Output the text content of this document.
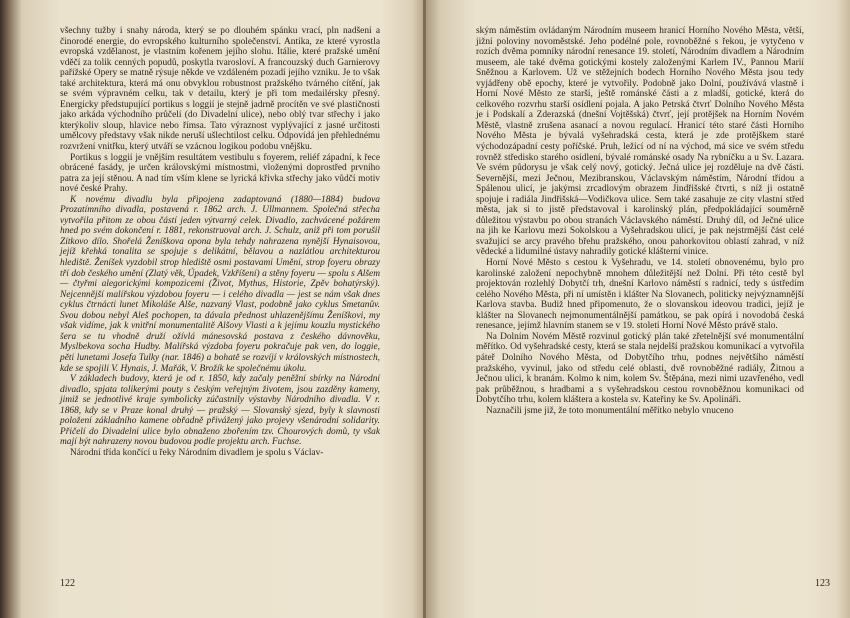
všechny tužby i snahy národa, který se po dlouhém spánku vrací, pln nadšení a činorodé energie, do evropského kulturního společenství. Antika, ze které vyrostla evropská vzdělanost, je vlastním kořenem jejího slohu. Itálie, které pražské umění vděčí za tolik cenných popudů, poskytla tvarosloví. A francouzský duch Garnierovy pařížské Opery se matně rýsuje někde ve vzdáleném pozadí jejího vzniku. Je to však také architektura, která má onu obvyklou robustnost pražského tvárného cítění, jak se svém výpravném celku, tak v detailu, který je při tom medailérsky přesný. Energicky předstupující portikus s loggií je stejně jadrně procítěn ve své plastičnosti jako arkáda východního průčelí (do Divadelní ulice), nebo oblý tvar střechy i jako kterýkoliv sloup, hlavice nebo římsa. Tato výraznost vyplývající z jasné určitosti umělcovy představy však nikde neruší ušlechtilost celku. Odpovídá jen přehlednému rozvržení vnitřku, který utváří se vzácnou logikou podobu vnějšku.

Portikus s loggií je vnějším resultátem vestibulu s foyerem, reliéf západní, k řece obrácené fasády, je určen královskými místnostmi, vloženými doprostřed prvního patra za její stěnou. A nad tím vším klene se lyrická křivka střechy jako vůdčí motiv nové české Prahy.

K novému divadlu byla připojena zadaptovaná (1880—1884) budova Prozatímního divadla, postavená r. 1862 arch. J. Ullmannem. Společná střecha vytvořila přitom ze obou částí jeden výtvarný celek. Divadlo, zachvácené požárem hned po svém dokončení r. 1881, rekonstruoval arch. J. Schulz, aniž při tom porušil Zítkovo dílo. Shořelá Ženíškova opona byla tehdy nahrazena nynější Hynaisovou, jejíž křehká tonalita se spojuje s delikátní, bělavou a nazlátlou architekturou hlediště. Ženíšek vyzdobil strop hlediště osmi postavami Umění, strop foyeru obrazy tří dob českého umění (Zlatý věk, Úpadek, Vzkříšení) a stěny foyeru — spolu s Alšem — čtyřmi alegorickými kompozicemi (Život, Mythus, Historie, Zpěv bohatýrský). Nejcennější malířskou výzdobou foyeru — i celého divadla — jest se nám však dnes cyklus čtrnácti lunet Mikoláše Alše, nazvaný Vlast, podobně jako cyklus Smetanův. Svou dobou nebyl Aleš pochopen, ta dávala přednost uhlazenějšímu Ženíškovi, my však vidíme, jak k vnitřní monumentalitě Alšovy Vlasti a k jejímu kouzlu mystického šera se tu vhodně druží ožívlá mánesovská postava z českého dávnověku, Myslbekova socha Hudby. Malířská výzdoba foyeru pokračuje pak ven, do loggie, pěti lunetami Josefa Tulky (nar. 1846) a bohatě se rozvíjí v královských místnostech, kde se spojili V. Hynais, J. Mařák, V. Brožík ke společnému úkolu.

V základech budovy, která je od r. 1850, kdy začaly peněžní sbírky na Národní divadlo, spjata tolikerými pouty s českým veřejným životem, jsou zazděny kameny, jimiž se jednotlivé kraje symbolicky zúčastnily výstavby Národního divadla. V r. 1868, kdy se v Praze konal druhý — pražský — Slovanský sjezd, byly k slavnosti položení základního kamene obřadně přivážený jako projevy všenárodní solidarity. Přičelí do Divadelní ulice bylo obnaženo zbořením tzv. Chourových domů, ty však mají být nahrazeny novou budovou podle projektu arch. Fuchse.

Národní třída končící u řeky Národním divadlem je spolu s Václav-

122

ským náměstím ovládaným Národním museem hranicí Horního Nového Města, větší, jižní poloviny novoměstské. Jeho podélné pole, rovnoběžné s řekou, je vytyčeno v rozích dvěma pomníky národní renesance 19. století, Národním divadlem a Národním museem, ale také dvěma gotickými kostely založenými Karlem IV., Pannou Marií Sněžnou a Karlovem. Už ve stěžejních bodech Horního Nového Města jsou tedy vyjádřeny obě epochy, které je vytvořily. Podobně jako Dolní, používává vlastně i Horní Nové Město ze starší, ještě románské části a z mladší, gotické, která do celkového rozvrhu starší osídlení pojala. A jako Petrská čtvrť Dolního Nového Města je i Podskalí a Zderazská (dnešní Vojtěšská) čtvrť, její protějšek na Horním Novém Městě, vlastně zrušena asanací a novou regulací. Hranicí této staré části Horního Nového Města je bývalá vyšehradská cesta, která je zde protějškem staré východozápadní cesty poříčské. Pruh, ležící od ní na východ, má sice ve svém středu rovněž středisko starého osídlení, bývalé románské osady Na rybníčku a u Sv. Lazara. Ve svém půdorysu je však celý nový, gotický. Ječná ulice jej rozděluje na dvě části. Severnější, mezi Ječnou, Mezibranskou, Václavským náměstím, Národní třídou a Spálenou ulicí, je jakýmsi zrcadlovým obrazem Jindřišské čtvrti, s níž ji ostatně spojuje i radiála Jindřišská—Vodičkova ulice. Sem také zasahuje ze city vlastní střed města, jak si to jistě představoval i karolinský plán, předpokládající souměrně důležitou výstavbu po obou stranách Václavského náměstí. Druhý díl, od Ječné ulice na jih ke Karlovu mezi Sokolskou a Vyšehradskou ulicí, je pak nejstrmější část celé svažující se arcy pravého břehu pražského, onou pahorkovitou oblastí zahrad, v níž vědecké a lidumilné ústavy nahradily gotické klášterní vinice.

Horní Nové Město s cestou k Vyšehradu, ve 14. století obnovenému, bylo pro karolinské založení nepochybně mnohem důležitější než Dolní. Při této cestě byl projektován rozlehlý Dobytčí trh, dnešní Karlovo náměstí s radnicí, tedy s ústředím celého Nového Města, při ní umístěn i klášter Na Slovanech, politicky nejvýznamnější Karlova stavba. Budiž hned připomenuto, že o slovanskou ideovou tradici, jejíž je klášter na Slovanech nejmonumentálnější památkou, se pak opírá i novodobá česká renesance, jejímž hlavním stanem se v 19. století Horní Nové Město právě stalo.

Na Dolním Novém Městě rozvinul gotický plán také zřetelnější své monumentální měřítko. Od vyšehradské cesty, která se stala nejdelší pražskou komunikací a vytvořila páteř Dolního Nového Města, od Dobytčího trhu, podnes největšího náměstí pražského, vyvinul, jako od středu celé oblasti, dvě rovnoběžné radiály, Žitnou a Ječnou ulici, k branám. Kolmo k nim, kolem Sv. Štěpána, mezi nimi uzavřeného, vedl pak průběžnou, s hradbami a s vyšehradskou cestou rovnoběžnou komunikaci od Dobytčího trhu, kolem kláštera a kostela sv. Kateřiny ke Sv. Apolináři.

Naznačili jsme již, že toto monumentální měřítko nebylo vnuceno

123
